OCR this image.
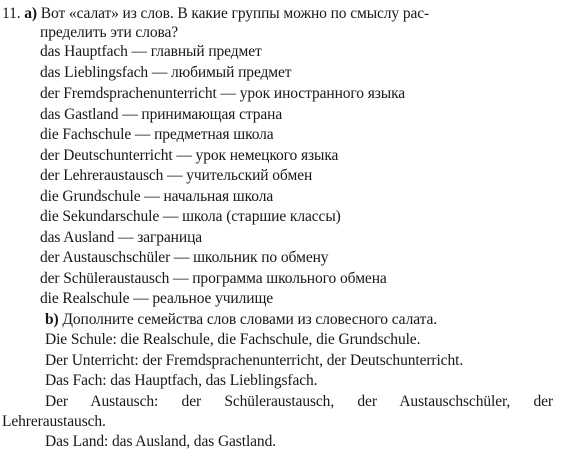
11. а) Вот «салат» из слов. В какие группы можно по смыслу рас-
пределить эти слова?
das Hauptfach — главный предмет
das Lieblingsfach — любимый предмет
der Fremdsprachenunterricht — урок иностранного языка
das Gastland — принимающая страна
die Fachschule — предметная школа
der Deutschunterricht — урок немецкого языка
der Lehreraustausch — учительский обмен
die Grundschule — начальная школа
die Sekundarschule — школа (старшие классы)
das Ausland — заграница
der Austauschschüler — школьник по обмену
der Schüleraustausch — программа школьного обмена
die Realschule — реальное училище
b) Дополните семейства слов словами из словесного салата.
Die Schule: die Realschule, die Fachschule, die Grundschule.
Der Unterricht: der Fremdsprachenunterricht, der Deutschunterricht.
Das Fach: das Hauptfach, das Lieblingsfach.
Der Austausch: der Schüleraustausch, der Austauschschüler, der
Lehreraustausch.
Das Land: das Ausland, das Gastland.
